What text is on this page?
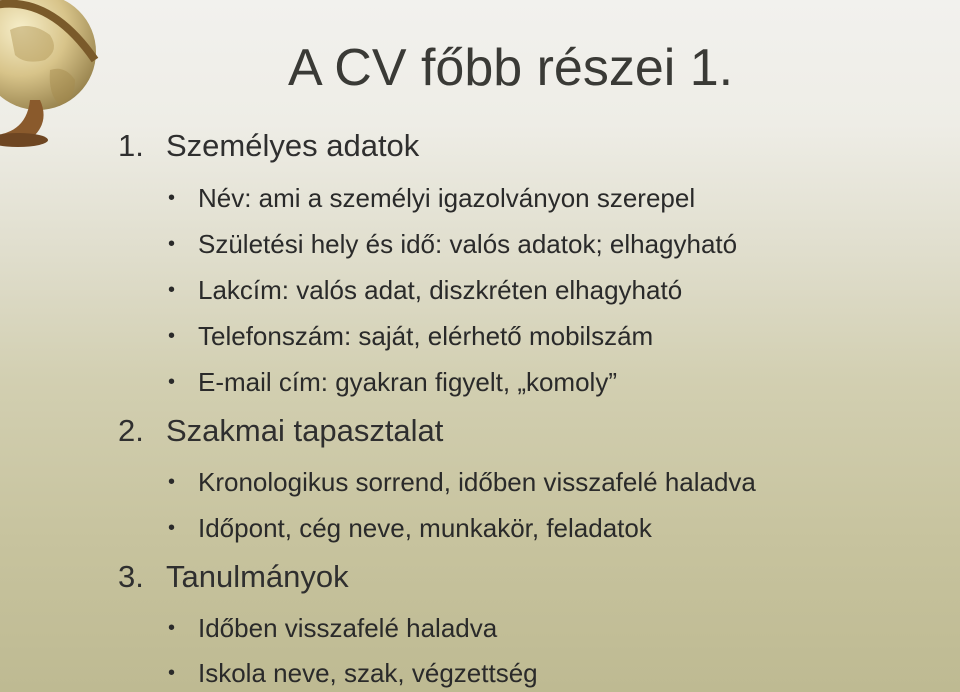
A CV főbb részei 1.
1. Személyes adatok
• Név: ami a személyi igazolványon szerepel
• Születési hely és idő: valós adatok; elhagyható
• Lakcím: valós adat, diszkréten elhagyható
• Telefonszám: saját, elérhető mobilszám
• E-mail cím: gyakran figyelt, „komoly”
2. Szakmai tapasztalat
• Kronologikus sorrend, időben visszafelé haladva
• Időpont, cég neve, munkakör, feladatok
3. Tanulmányok
• Időben visszafelé haladva
• Iskola neve, szak, végzettség
